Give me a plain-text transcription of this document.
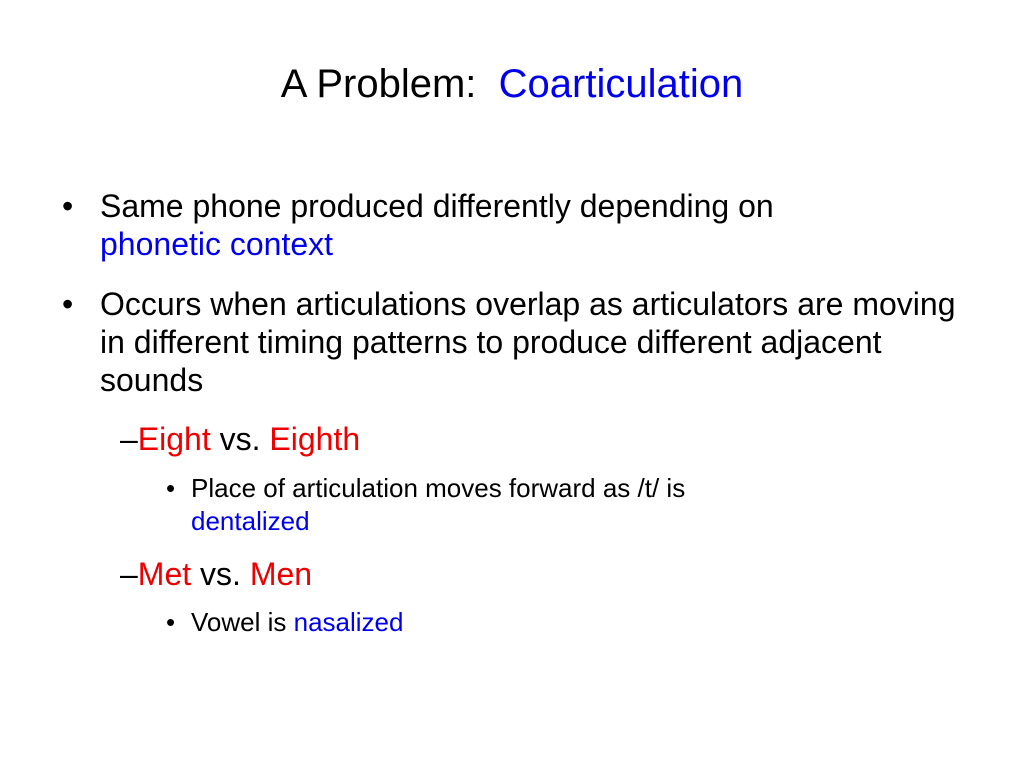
A Problem: Coarticulation
• Same phone produced differently depending on
phonetic context
• Occurs when articulations overlap as articulators are moving in different timing patterns to produce different adjacent sounds
–Eight vs. Eighth
• Place of articulation moves forward as /t/ is
dentalized
–Met vs. Men
• Vowel is nasalized
